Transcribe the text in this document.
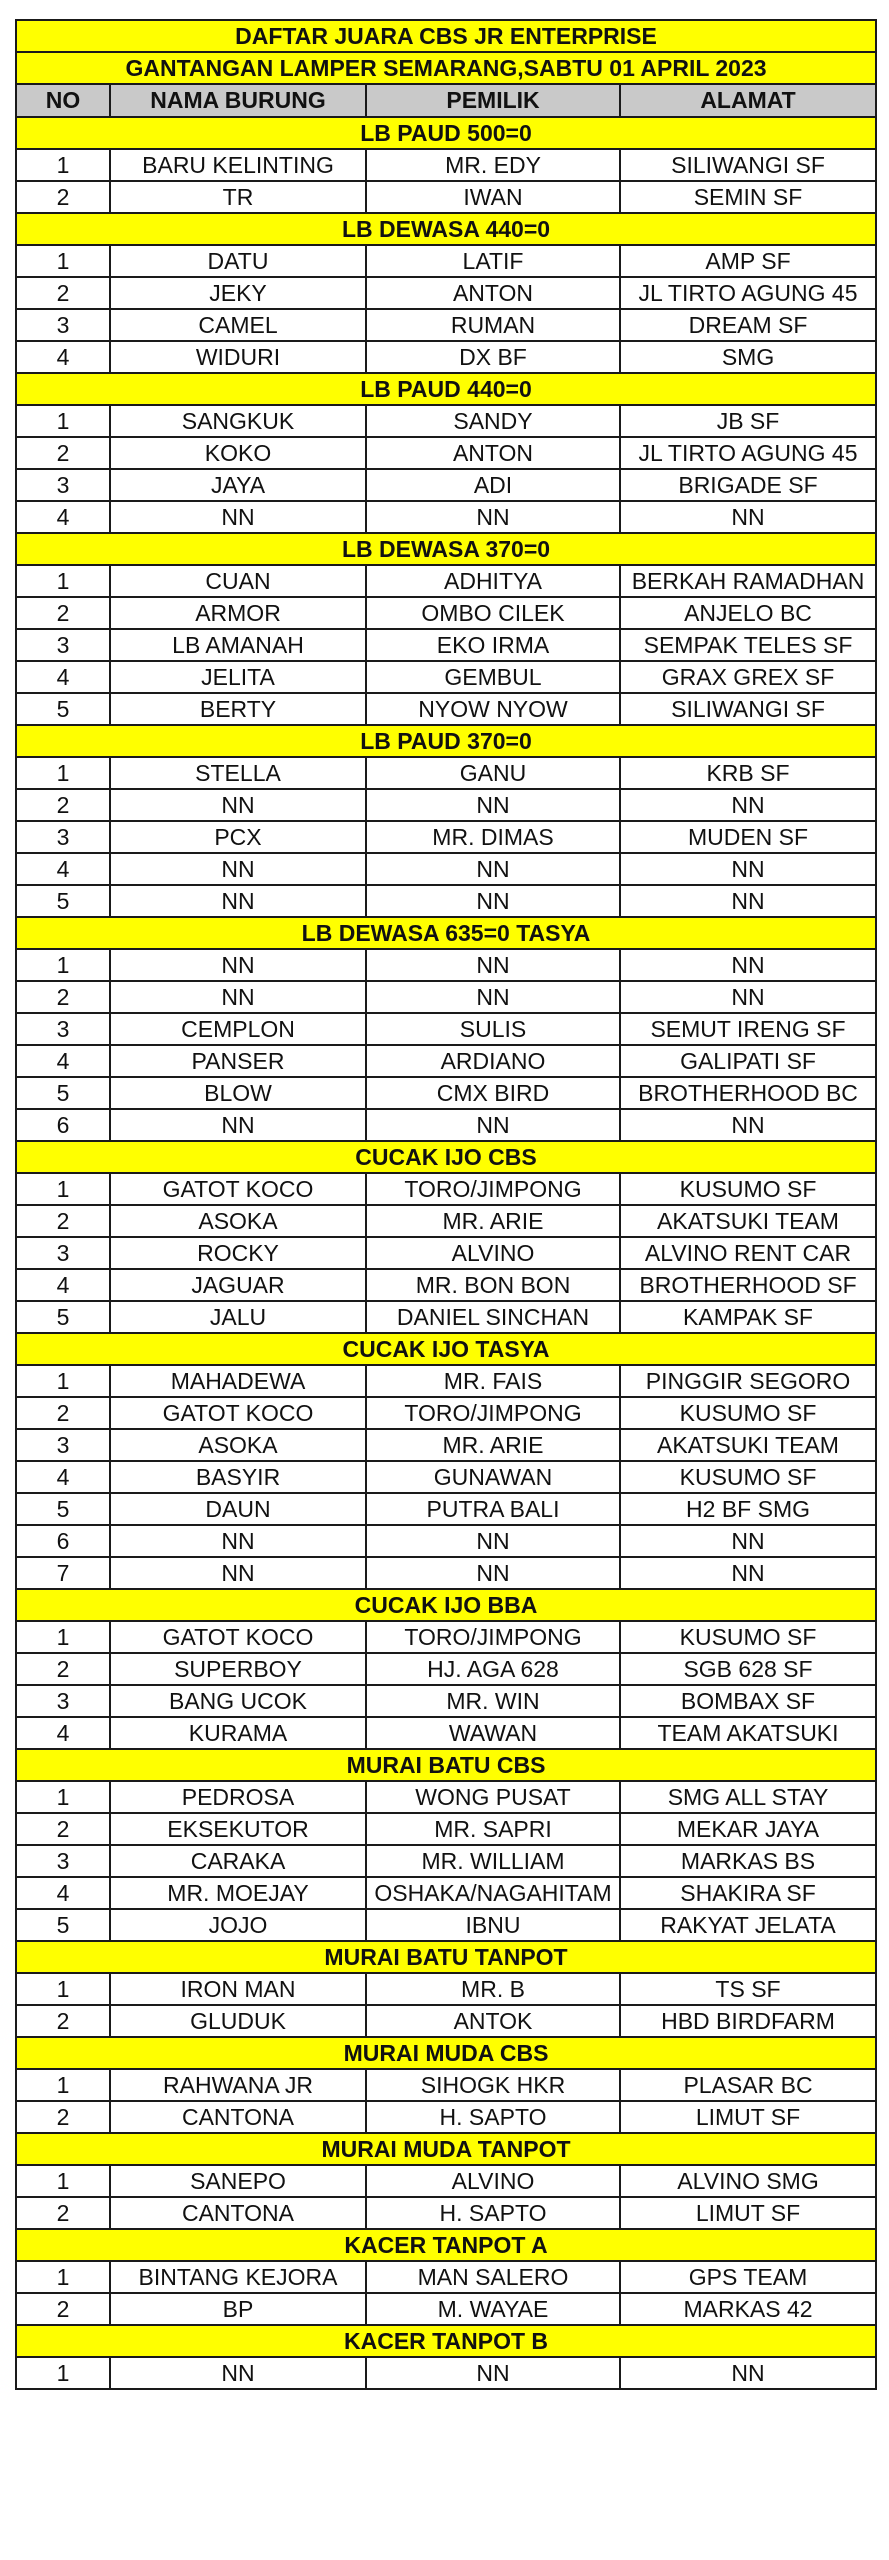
DAFTAR JUARA CBS JR ENTERPRISE			
GANTANGAN LAMPER SEMARANG,SABTU 01 APRIL 2023			
NO	NAMA BURUNG	PEMILIK	ALAMAT
LB PAUD 500=0			
1	BARU KELINTING	MR. EDY	SILIWANGI SF
2	TR	IWAN	SEMIN SF
LB DEWASA 440=0			
1	DATU	LATIF	AMP SF
2	JEKY	ANTON	JL TIRTO AGUNG 45
3	CAMEL	RUMAN	DREAM SF
4	WIDURI	DX BF	SMG
LB PAUD 440=0			
1	SANGKUK	SANDY	JB SF
2	KOKO	ANTON	JL TIRTO AGUNG 45
3	JAYA	ADI	BRIGADE SF
4	NN	NN	NN
LB DEWASA 370=0			
1	CUAN	ADHITYA	BERKAH RAMADHAN
2	ARMOR	OMBO CILEK	ANJELO BC
3	LB AMANAH	EKO IRMA	SEMPAK TELES SF
4	JELITA	GEMBUL	GRAX GREX SF
5	BERTY	NYOW NYOW	SILIWANGI SF
LB PAUD 370=0			
1	STELLA	GANU	KRB SF
2	NN	NN	NN
3	PCX	MR. DIMAS	MUDEN SF
4	NN	NN	NN
5	NN	NN	NN
LB DEWASA 635=0 TASYA			
1	NN	NN	NN
2	NN	NN	NN
3	CEMPLON	SULIS	SEMUT IRENG SF
4	PANSER	ARDIANO	GALIPATI SF
5	BLOW	CMX BIRD	BROTHERHOOD BC
6	NN	NN	NN
CUCAK IJO CBS			
1	GATOT KOCO	TORO/JIMPONG	KUSUMO SF
2	ASOKA	MR. ARIE	AKATSUKI TEAM
3	ROCKY	ALVINO	ALVINO RENT CAR
4	JAGUAR	MR. BON BON	BROTHERHOOD SF
5	JALU	DANIEL SINCHAN	KAMPAK SF
CUCAK IJO TASYA			
1	MAHADEWA	MR. FAIS	PINGGIR SEGORO
2	GATOT KOCO	TORO/JIMPONG	KUSUMO SF
3	ASOKA	MR. ARIE	AKATSUKI TEAM
4	BASYIR	GUNAWAN	KUSUMO SF
5	DAUN	PUTRA BALI	H2 BF SMG
6	NN	NN	NN
7	NN	NN	NN
CUCAK IJO BBA			
1	GATOT KOCO	TORO/JIMPONG	KUSUMO SF
2	SUPERBOY	HJ. AGA 628	SGB 628 SF
3	BANG UCOK	MR. WIN	BOMBAX SF
4	KURAMA	WAWAN	TEAM AKATSUKI
MURAI BATU CBS			
1	PEDROSA	WONG PUSAT	SMG ALL STAY
2	EKSEKUTOR	MR. SAPRI	MEKAR JAYA
3	CARAKA	MR. WILLIAM	MARKAS BS
4	MR. MOEJAY	OSHAKA/NAGAHITAM	SHAKIRA SF
5	JOJO	IBNU	RAKYAT JELATA
MURAI BATU TANPOT			
1	IRON MAN	MR. B	TS SF
2	GLUDUK	ANTOK	HBD BIRDFARM
MURAI MUDA CBS			
1	RAHWANA JR	SIHOGK HKR	PLASAR BC
2	CANTONA	H. SAPTO	LIMUT SF
MURAI MUDA TANPOT			
1	SANEPO	ALVINO	ALVINO SMG
2	CANTONA	H. SAPTO	LIMUT SF
KACER TANPOT A			
1	BINTANG KEJORA	MAN SALERO	GPS TEAM
2	BP	M. WAYAE	MARKAS 42
KACER TANPOT B			
1	NN	NN	NN
